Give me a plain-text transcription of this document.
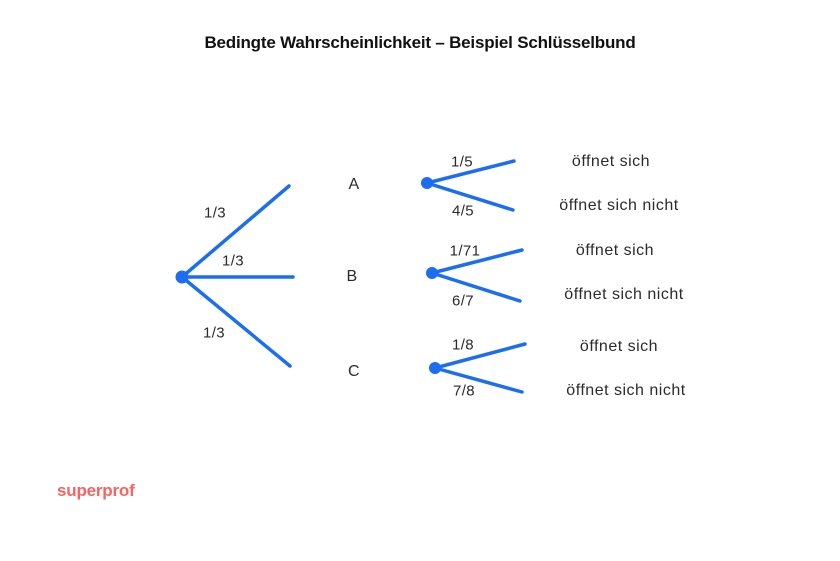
Bedingte Wahrscheinlichkeit – Beispiel Schlüsselbund
1/3
1/3
1/3
A
B
C
1/5
4/5
1/71
6/7
1/8
7/8
öffnet sich
öffnet sich nicht
öffnet sich
öffnet sich nicht
öffnet sich
öffnet sich nicht
superprof
